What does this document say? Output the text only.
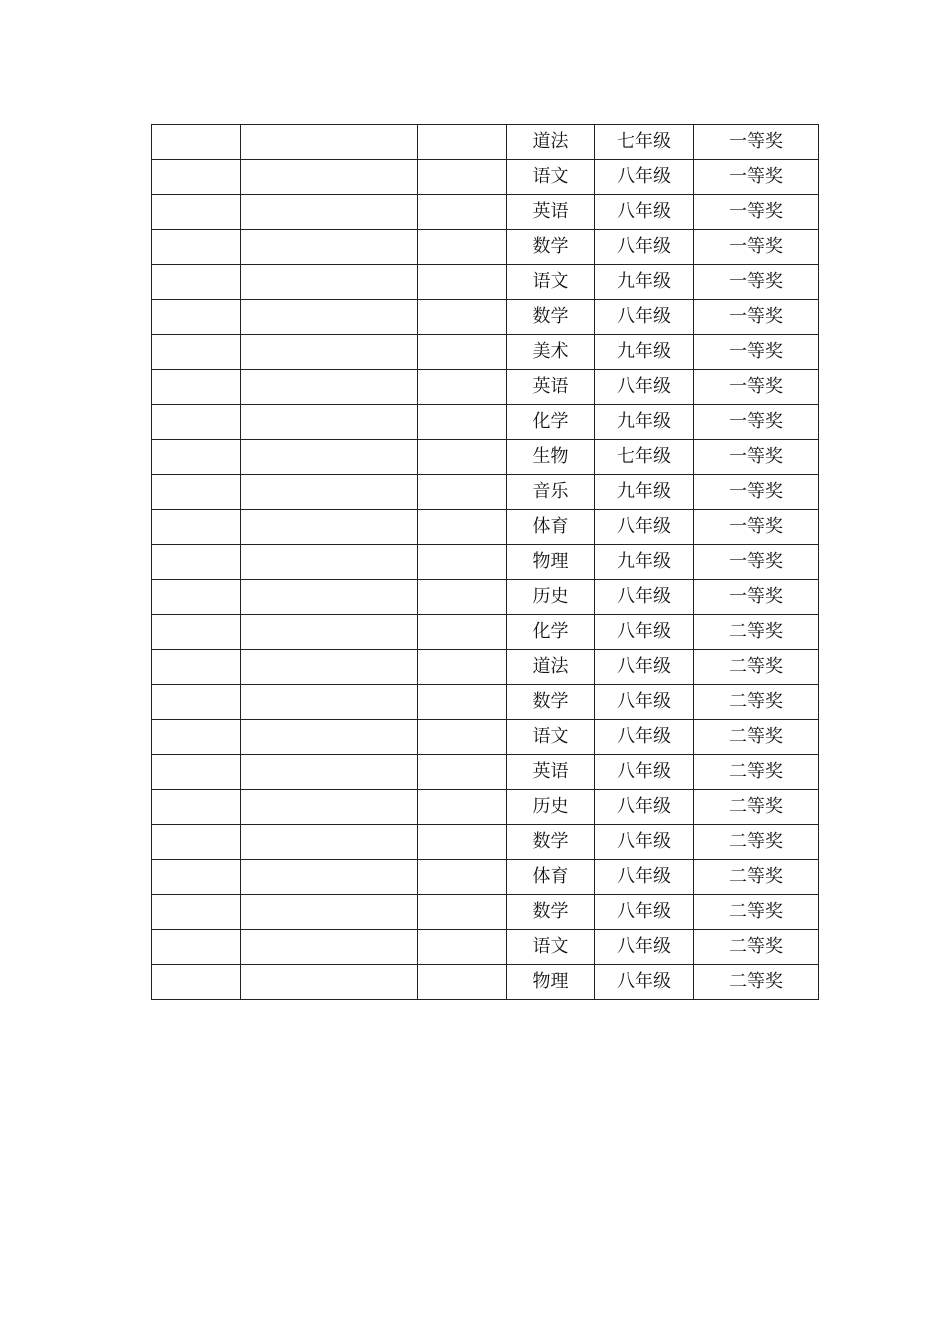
			道法	七年级	一等奖
			语文	八年级	一等奖
			英语	八年级	一等奖
			数学	八年级	一等奖
			语文	九年级	一等奖
			数学	八年级	一等奖
			美术	九年级	一等奖
			英语	八年级	一等奖
			化学	九年级	一等奖
			生物	七年级	一等奖
			音乐	九年级	一等奖
			体育	八年级	一等奖
			物理	九年级	一等奖
			历史	八年级	一等奖
			化学	八年级	二等奖
			道法	八年级	二等奖
			数学	八年级	二等奖
			语文	八年级	二等奖
			英语	八年级	二等奖
			历史	八年级	二等奖
			数学	八年级	二等奖
			体育	八年级	二等奖
			数学	八年级	二等奖
			语文	八年级	二等奖
			物理	八年级	二等奖
